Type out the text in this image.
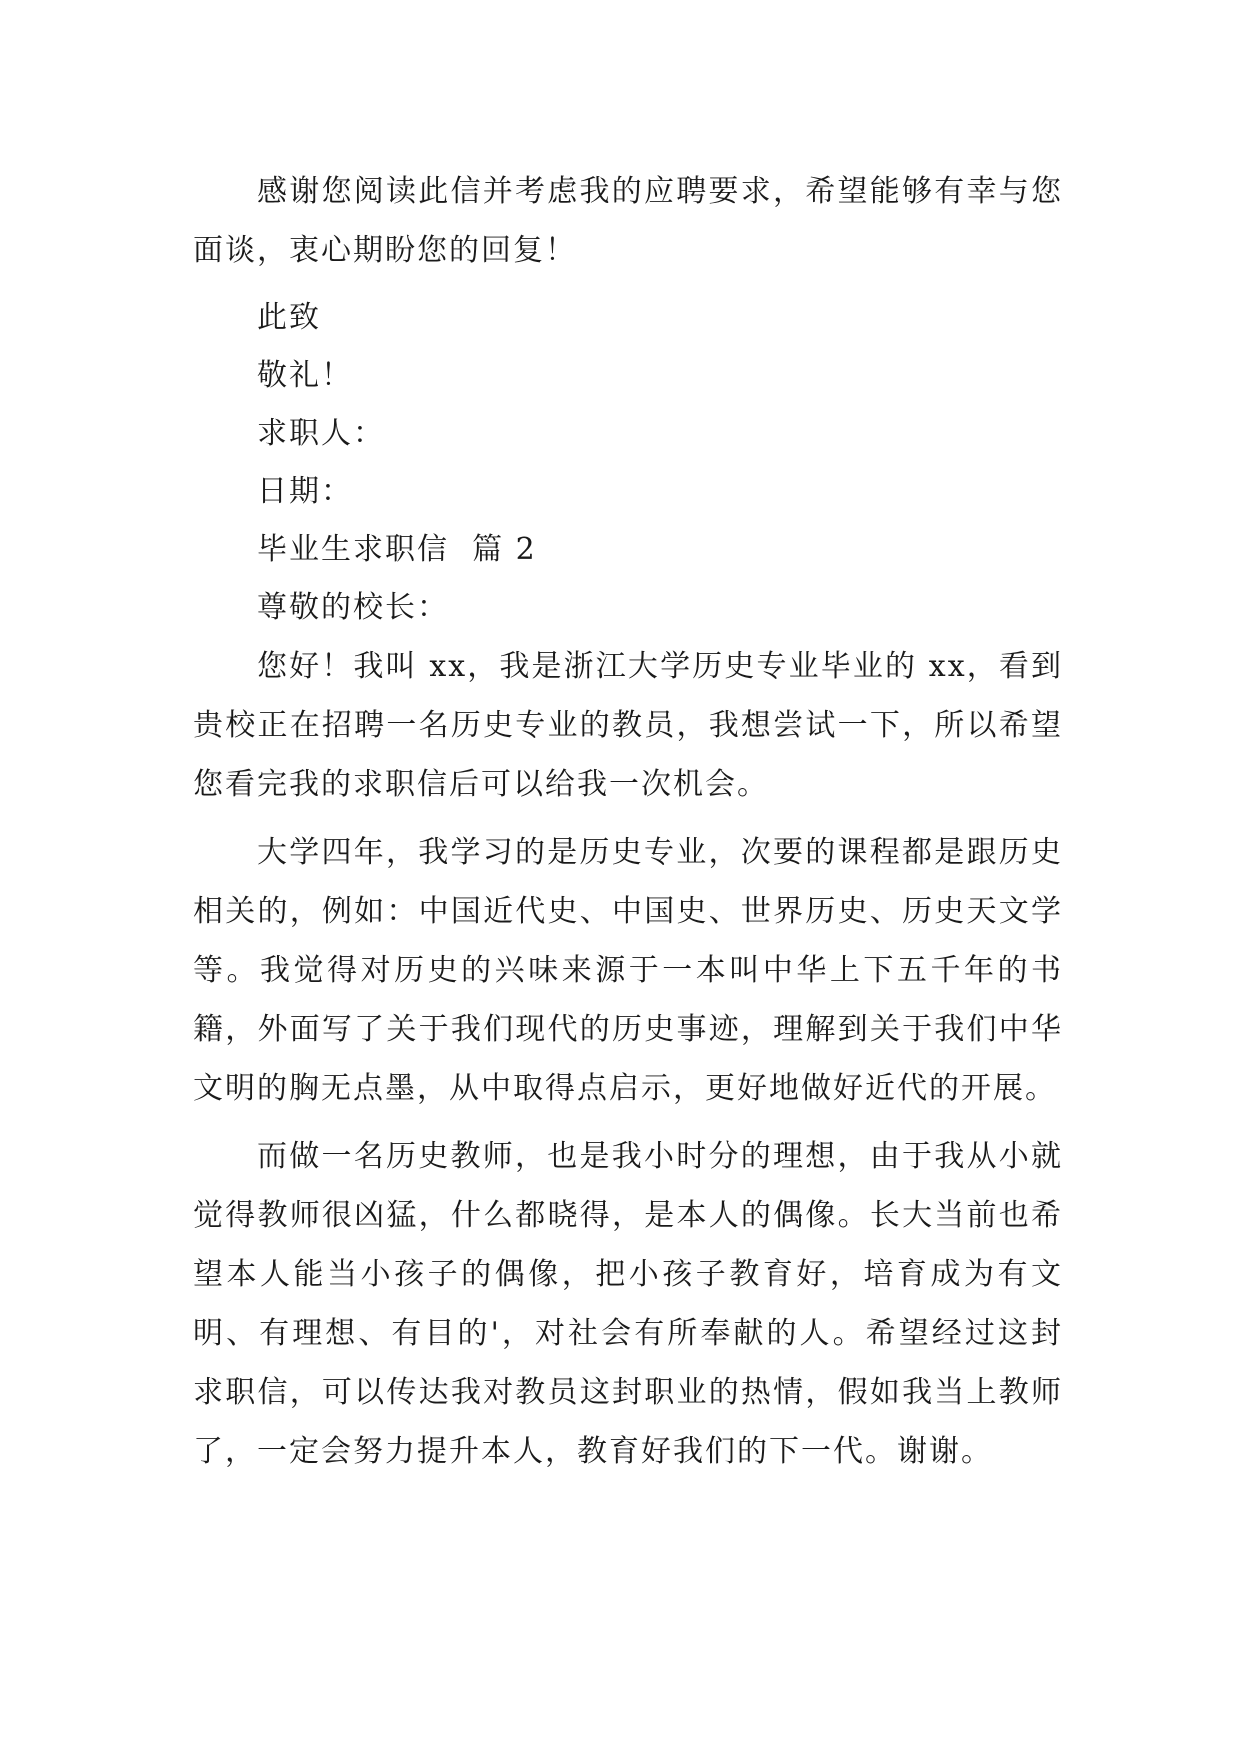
感谢您阅读此信并考虑我的应聘要求，希望能够有幸与您面谈，衷心期盼您的回复！

此致

敬礼！

求职人：

日期：

毕业生求职信  篇 2

尊敬的校长：

您好！我叫 xx，我是浙江大学历史专业毕业的 xx，看到贵校正在招聘一名历史专业的教员，我想尝试一下，所以希望您看完我的求职信后可以给我一次机会。

大学四年，我学习的是历史专业，次要的课程都是跟历史相关的，例如：中国近代史、中国史、世界历史、历史天文学等。我觉得对历史的兴味来源于一本叫中华上下五千年的书籍，外面写了关于我们现代的历史事迹，理解到关于我们中华文明的胸无点墨，从中取得点启示，更好地做好近代的开展。

而做一名历史教师，也是我小时分的理想，由于我从小就觉得教师很凶猛，什么都晓得，是本人的偶像。长大当前也希望本人能当小孩子的偶像，把小孩子教育好，培育成为有文明、有理想、有目的'，对社会有所奉献的人。希望经过这封求职信，可以传达我对教员这封职业的热情，假如我当上教师了，一定会努力提升本人，教育好我们的下一代。谢谢。
